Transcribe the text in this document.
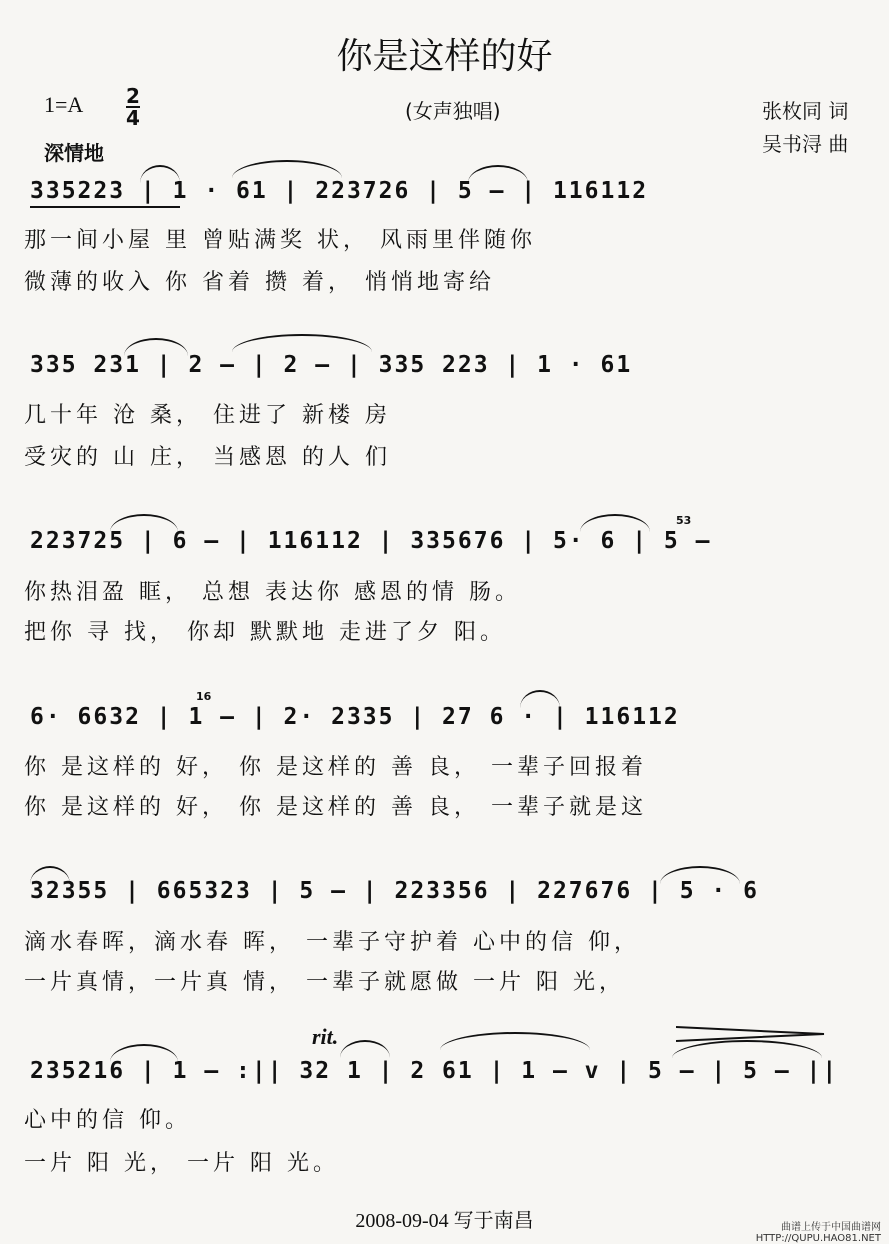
你是这样的好
1=A 2
4	(女声独唱)	张枚同 词
吴书浔 曲
深情地
335223 | 1 · 61 | 223726 | 5 – | 116112
那一间小屋 里 曾贴满奖 状， 风雨里伴随你
微薄的收入 你 省着 攒 着， 悄悄地寄给
335 231 | 2 – | 2 – | 335 223 | 1 · 61
几十年 沧 桑， 住进了 新楼 房
受灾的 山 庄， 当感恩 的人 们
223725 | 6 – | 116112 | 335676 | 5· 6 | 5 –
你热泪盈 眶， 总想 表达你 感恩的情 肠。
把你 寻 找， 你却 默默地 走进了夕 阳。
53
6· 6632 | 1 – | 2· 2335 | 27 6 · | 116112
你 是这样的 好， 你 是这样的 善 良， 一辈子回报着
你 是这样的 好， 你 是这样的 善 良， 一辈子就是这
16
32355 | 665323 | 5 – | 223356 | 227676 | 5 · 6
滴水春晖，滴水春 晖， 一辈子守护着 心中的信 仰，
一片真情，一片真 情， 一辈子就愿做 一片 阳 光，
rit.
235216 | 1 – :|| 32 1 | 2 61 | 1 – v | 5 – | 5 – ||
心中的信 仰。
一片 阳 光， 一片 阳 光。
2008-09-04 写于南昌	曲谱上传于中国曲谱网
HTTP://QUPU.HAO81.NET
